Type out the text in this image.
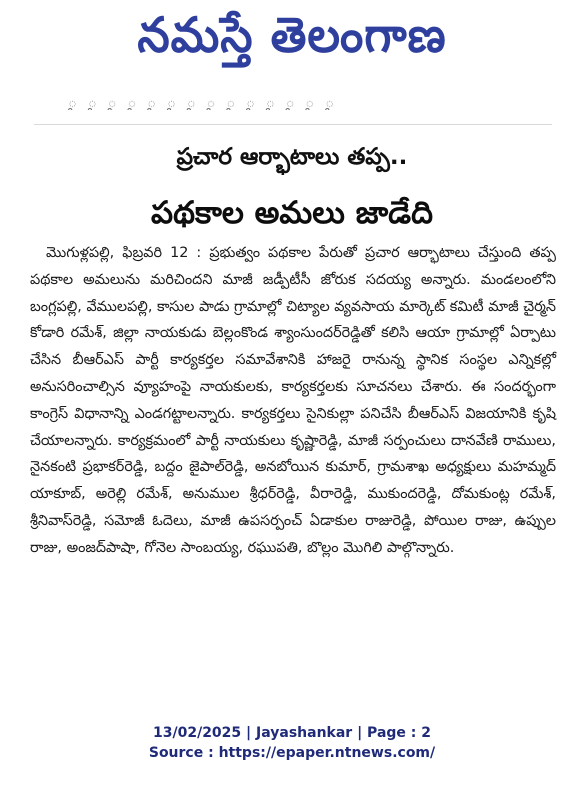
నమస్తే తెలంగాణ
ౖ ౖ ౖ ౖ ౖ ౖ ౖ ౖ ౖ ౖ ౖ ౖ ౖ ౖ
ప్రచార ఆర్భాటాలు తప్ప..
పథకాల అమలు జాడేది

మొగుళ్లపల్లి, ఫిబ్రవరి 12 : ప్రభుత్వం పథకాల పేరుతో ప్రచార ఆర్భాటాలు చేస్తుంది తప్ప పథకాల అమలును మరిచిందని మాజీ జడ్పీటీసీ జోరుక సదయ్య అన్నారు. మండలంలోని బంగ్లపల్లి, వేములపల్లి, కాసుల పాడు గ్రామాల్లో చిట్యాల వ్యవసాయ మార్కెట్ కమిటీ మాజీ చైర్మన్ కోడారి రమేశ్, జిల్లా నాయకుడు బెల్లంకొండ శ్యాంసుందర్‌రెడ్డితో కలిసి ఆయా గ్రామాల్లో ఏర్పాటు చేసిన బీఆర్‌ఎస్ పార్టీ కార్యకర్తల సమావేశానికి హాజరై రానున్న స్థానిక సంస్థల ఎన్నికల్లో అనుసరించాల్సిన వ్యూహంపై నాయకులకు, కార్యకర్తలకు సూచనలు చేశారు. ఈ సందర్భంగా కాంగ్రెస్ విధానాన్ని ఎండగట్టాలన్నారు. కార్యకర్తలు సైనికుల్లా పనిచేసి బీఆర్‌ఎస్ విజయానికి కృషి చేయాలన్నారు. కార్యక్రమంలో పార్టీ నాయకులు కృష్ణారెడ్డి, మాజీ సర్పంచులు దానవేణి రాములు, నైనకంటి ప్రభాకర్‌రెడ్డి, బద్దం జైపాల్‌రెడ్డి, అనబోయిన కుమార్, గ్రామశాఖ అధ్యక్షులు మహమ్మద్ యాకూబ్, అరెల్లి రమేశ్, అనుముల శ్రీధర్‌రెడ్డి, వీరారెడ్డి, ముకుందరెడ్డి, దోమకుంట్ల రమేశ్, శ్రీనివాస్‌రెడ్డి, సమోజీ ఓదెలు, మాజీ ఉపసర్పంచ్ ఏడాకుల రాజురెడ్డి, పోయిల రాజు, ఉప్పుల రాజు, అంజద్‌పాషా, గోనెల సాంబయ్య, రఘుపతి, బొల్లం మొగిలి పాల్గొన్నారు.

13/02/2025 | Jayashankar | Page : 2
Source : https://epaper.ntnews.com/
